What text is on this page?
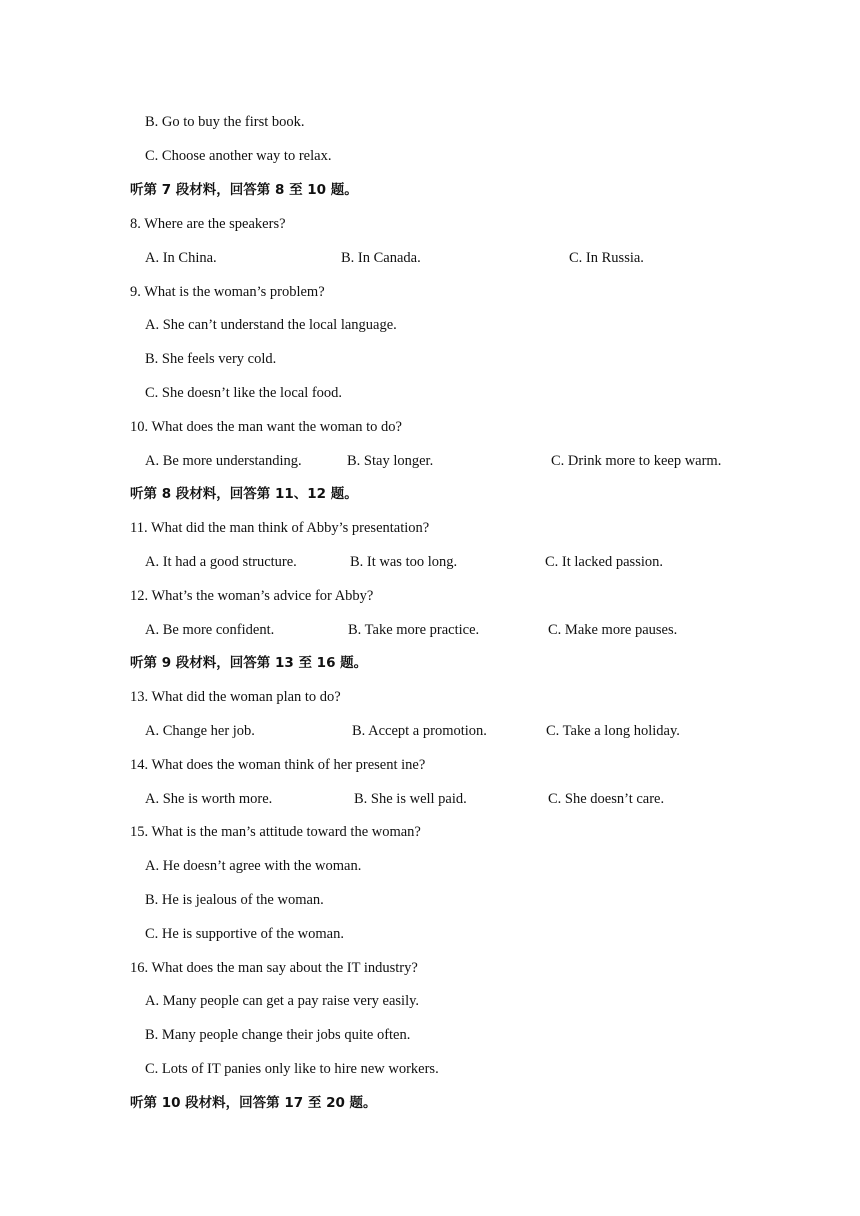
B. Go to buy the first book.
C. Choose another way to relax.
听第 7 段材料，回答第 8 至 10 题。
8. Where are the speakers?
A. In China.	B. In Canada.	C. In Russia.
9. What is the woman’s problem?
A. She can’t understand the local language.
B. She feels very cold.
C. She doesn’t like the local food.
10. What does the man want the woman to do?
A. Be more understanding.	B. Stay longer.	C. Drink more to keep warm.
听第 8 段材料，回答第 11、12 题。
11. What did the man think of Abby’s presentation?
A. It had a good structure.	B. It was too long.	C. It lacked passion.
12. What’s the woman’s advice for Abby?
A. Be more confident.	B. Take more practice.	C. Make more pauses.
听第 9 段材料，回答第 13 至 16 题。
13. What did the woman plan to do?
A. Change her job.	B. Accept a promotion.	C. Take a long holiday.
14. What does the woman think of her present ine?
A. She is worth more.	B. She is well paid.	C. She doesn’t care.
15. What is the man’s attitude toward the woman?
A. He doesn’t agree with the woman.
B. He is jealous of the woman.
C. He is supportive of the woman.
16. What does the man say about the IT industry?
A. Many people can get a pay raise very easily.
B. Many people change their jobs quite often.
C. Lots of IT panies only like to hire new workers.
听第 10 段材料，回答第 17 至 20 题。
